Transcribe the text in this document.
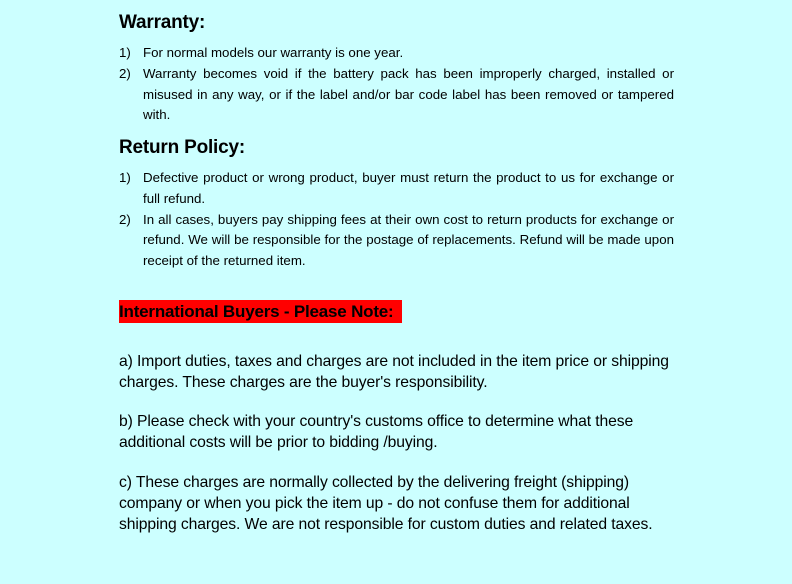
Warranty:
1) For normal models our warranty is one year.
2) Warranty becomes void if the battery pack has been improperly charged, installed or misused in any way, or if the label and/or bar code label has been removed or tampered with.
Return Policy:
1) Defective product or wrong product, buyer must return the product to us for exchange or full refund.
2) In all cases, buyers pay shipping fees at their own cost to return products for exchange or refund. We will be responsible for the postage of replacements. Refund will be made upon receipt of the returned item.
International Buyers - Please Note:

a) Import duties, taxes and charges are not included in the item price or shipping charges. These charges are the buyer's responsibility.

b) Please check with your country's customs office to determine what these additional costs will be prior to bidding /buying.

c) These charges are normally collected by the delivering freight (shipping) company or when you pick the item up - do not confuse them for additional shipping charges. We are not responsible for custom duties and related taxes.
